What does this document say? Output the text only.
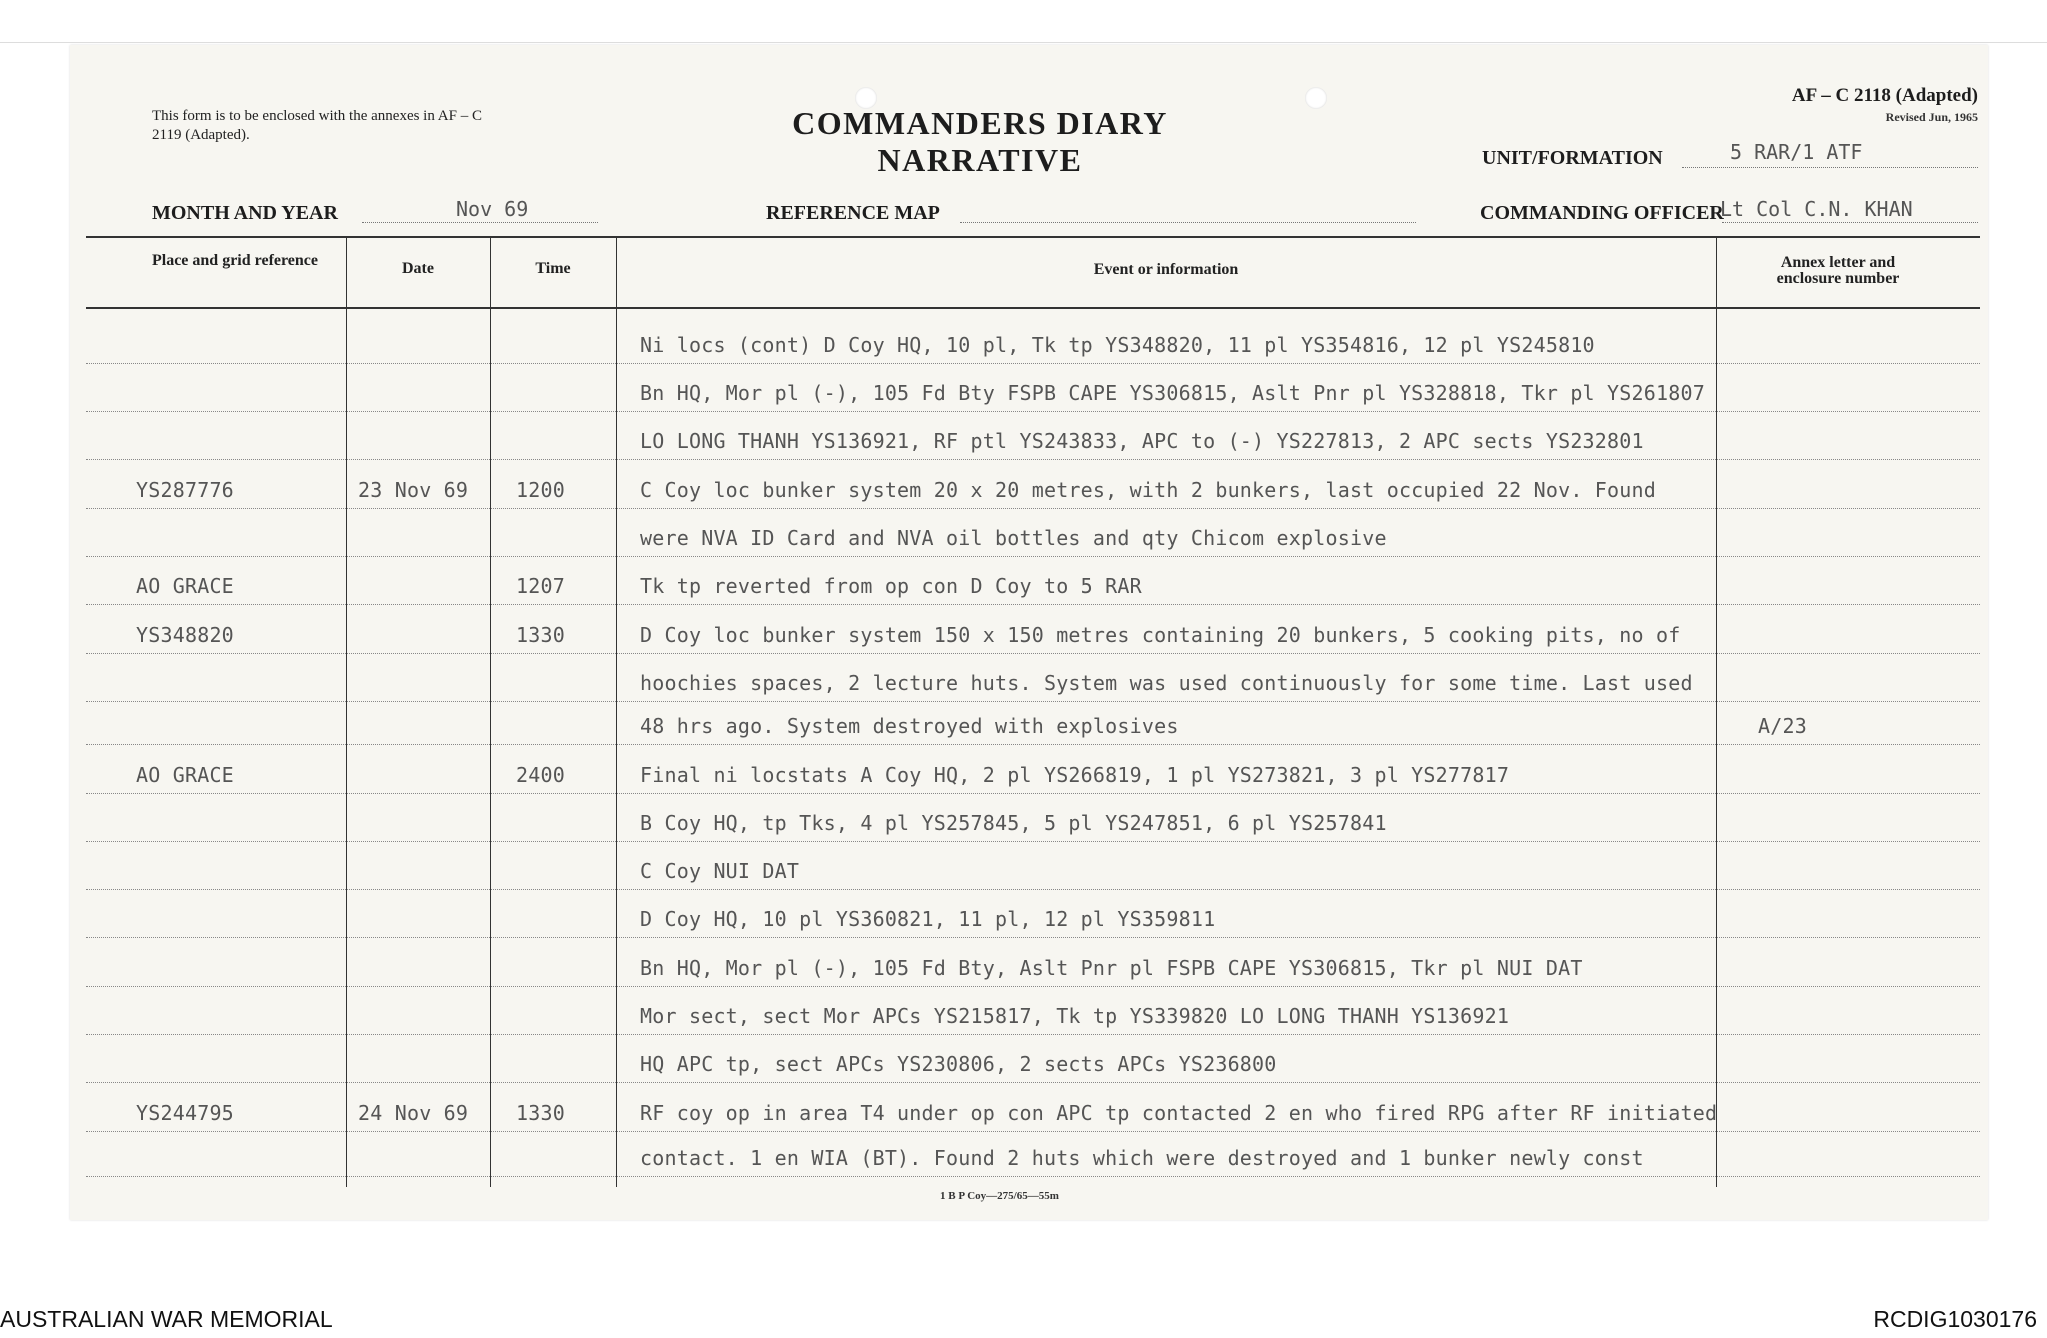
This form is to be enclosed with the annexes in AF – C 2119 (Adapted).	COMMANDERS DIARY NARRATIVE
AF – C 2118 (Adapted)
Revised Jun, 1965
UNIT/FORMATION	5 RAR/1 ATF
MONTH AND YEAR	Nov 69	REFERENCE MAP	COMMANDING OFFICER
Lt Col C.N. KHAN
Place and grid reference	Date	Time	Event or information	Annex letter and enclosure number
Ni locs (cont) D Coy HQ, 10 pl, Tk tp YS348820, 11 pl YS354816, 12 pl YS245810
Bn HQ, Mor pl (-), 105 Fd Bty FSPB CAPE YS306815, Aslt Pnr pl YS328818, Tkr pl YS261807
LO LONG THANH YS136921, RF ptl YS243833, APC to (-) YS227813, 2 APC sects YS232801
YS287776	23 Nov 69 1200	C Coy loc bunker system 20 x 20 metres, with 2 bunkers, last occupied 22 Nov. Found
were NVA ID Card and NVA oil bottles and qty Chicom explosive
AO GRACE	1207	Tk tp reverted from op con D Coy to 5 RAR
YS348820	1330	D Coy loc bunker system 150 x 150 metres containing 20 bunkers, 5 cooking pits, no of
hoochies spaces, 2 lecture huts. System was used continuously for some time. Last used
48 hrs ago. System destroyed with explosives	A/23
AO GRACE	2400	Final ni locstats A Coy HQ, 2 pl YS266819, 1 pl YS273821, 3 pl YS277817
B Coy HQ, tp Tks, 4 pl YS257845, 5 pl YS247851, 6 pl YS257841
C Coy NUI DAT
D Coy HQ, 10 pl YS360821, 11 pl, 12 pl YS359811
Bn HQ, Mor pl (-), 105 Fd Bty, Aslt Pnr pl FSPB CAPE YS306815, Tkr pl NUI DAT
Mor sect, sect Mor APCs YS215817, Tk tp YS339820 LO LONG THANH YS136921
HQ APC tp, sect APCs YS230806, 2 sects APCs YS236800
YS244795	24 Nov 69 1330	RF coy op in area T4 under op con APC tp contacted 2 en who fired RPG after RF initiated
contact. 1 en WIA (BT). Found 2 huts which were destroyed and 1 bunker newly const
1 B P Coy—275/65—55m
AUSTRALIAN WAR MEMORIAL	RCDIG1030176
